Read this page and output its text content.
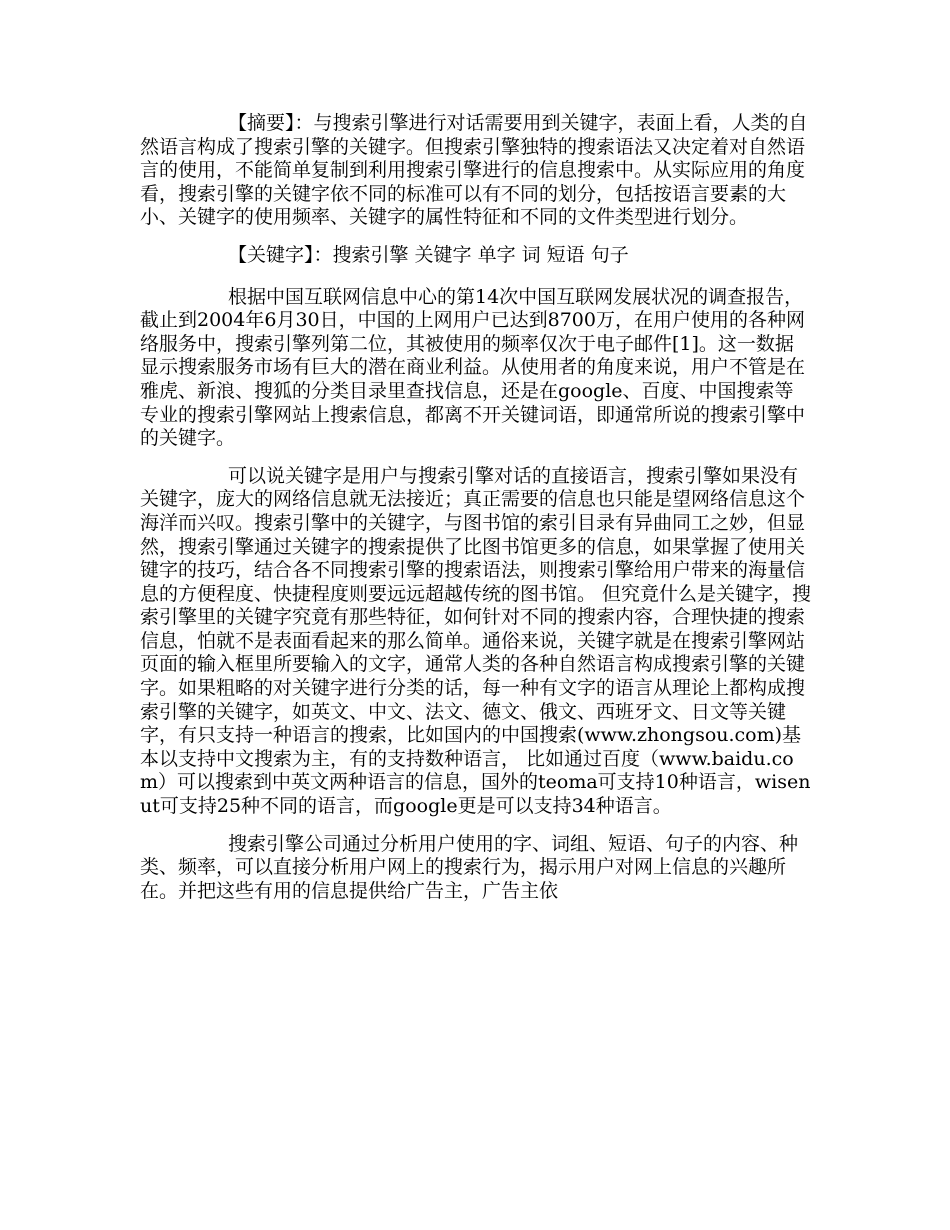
【摘要】：与搜索引擎进行对话需要用到关键字，表面上看，人类的自然语言构成了搜索引擎的关键字。但搜索引擎独特的搜索语法又决定着对自然语言的使用，不能简单复制到利用搜索引擎进行的信息搜索中。从实际应用的角度看，搜索引擎的关键字依不同的标准可以有不同的划分，包括按语言要素的大小、关键字的使用频率、关键字的属性特征和不同的文件类型进行划分。

【关键字】：搜索引擎 关键字 单字 词 短语 句子

根据中国互联网信息中心的第14次中国互联网发展状况的调查报告，截止到2004年6月30日，中国的上网用户已达到8700万，在用户使用的各种网络服务中，搜索引擎列第二位，其被使用的频率仅次于电子邮件[1]。这一数据显示搜索服务市场有巨大的潜在商业利益。从使用者的角度来说，用户不管是在雅虎、新浪、搜狐的分类目录里查找信息，还是在google、百度、中国搜索等专业的搜索引擎网站上搜索信息，都离不开关键词语，即通常所说的搜索引擎中的关键字。

可以说关键字是用户与搜索引擎对话的直接语言，搜索引擎如果没有关键字，庞大的网络信息就无法接近；真正需要的信息也只能是望网络信息这个海洋而兴叹。搜索引擎中的关键字，与图书馆的索引目录有异曲同工之妙，但显然，搜索引擎通过关键字的搜索提供了比图书馆更多的信息，如果掌握了使用关键字的技巧，结合各不同搜索引擎的搜索语法，则搜索引擎给用户带来的海量信息的方便程度、快捷程度则要远远超越传统的图书馆。 但究竟什么是关键字，搜索引擎里的关键字究竟有那些特征，如何针对不同的搜索内容，合理快捷的搜索信息，怕就不是表面看起来的那么简单。通俗来说，关键字就是在搜索引擎网站页面的输入框里所要输入的文字，通常人类的各种自然语言构成搜索引擎的关键字。如果粗略的对关键字进行分类的话，每一种有文字的语言从理论上都构成搜索引擎的关键字，如英文、中文、法文、德文、俄文、西班牙文、日文等关键字，有只支持一种语言的搜索，比如国内的中国搜索(www.zhongsou.com)基本以支持中文搜索为主，有的支持数种语言， 比如通过百度（www.baidu.com）可以搜索到中英文两种语言的信息，国外的teoma可支持10种语言，wisenut可支持25种不同的语言，而google更是可以支持34种语言。

搜索引擎公司通过分析用户使用的字、词组、短语、句子的内容、种类、频率，可以直接分析用户网上的搜索行为，揭示用户对网上信息的兴趣所在。并把这些有用的信息提供给广告主，广告主依
